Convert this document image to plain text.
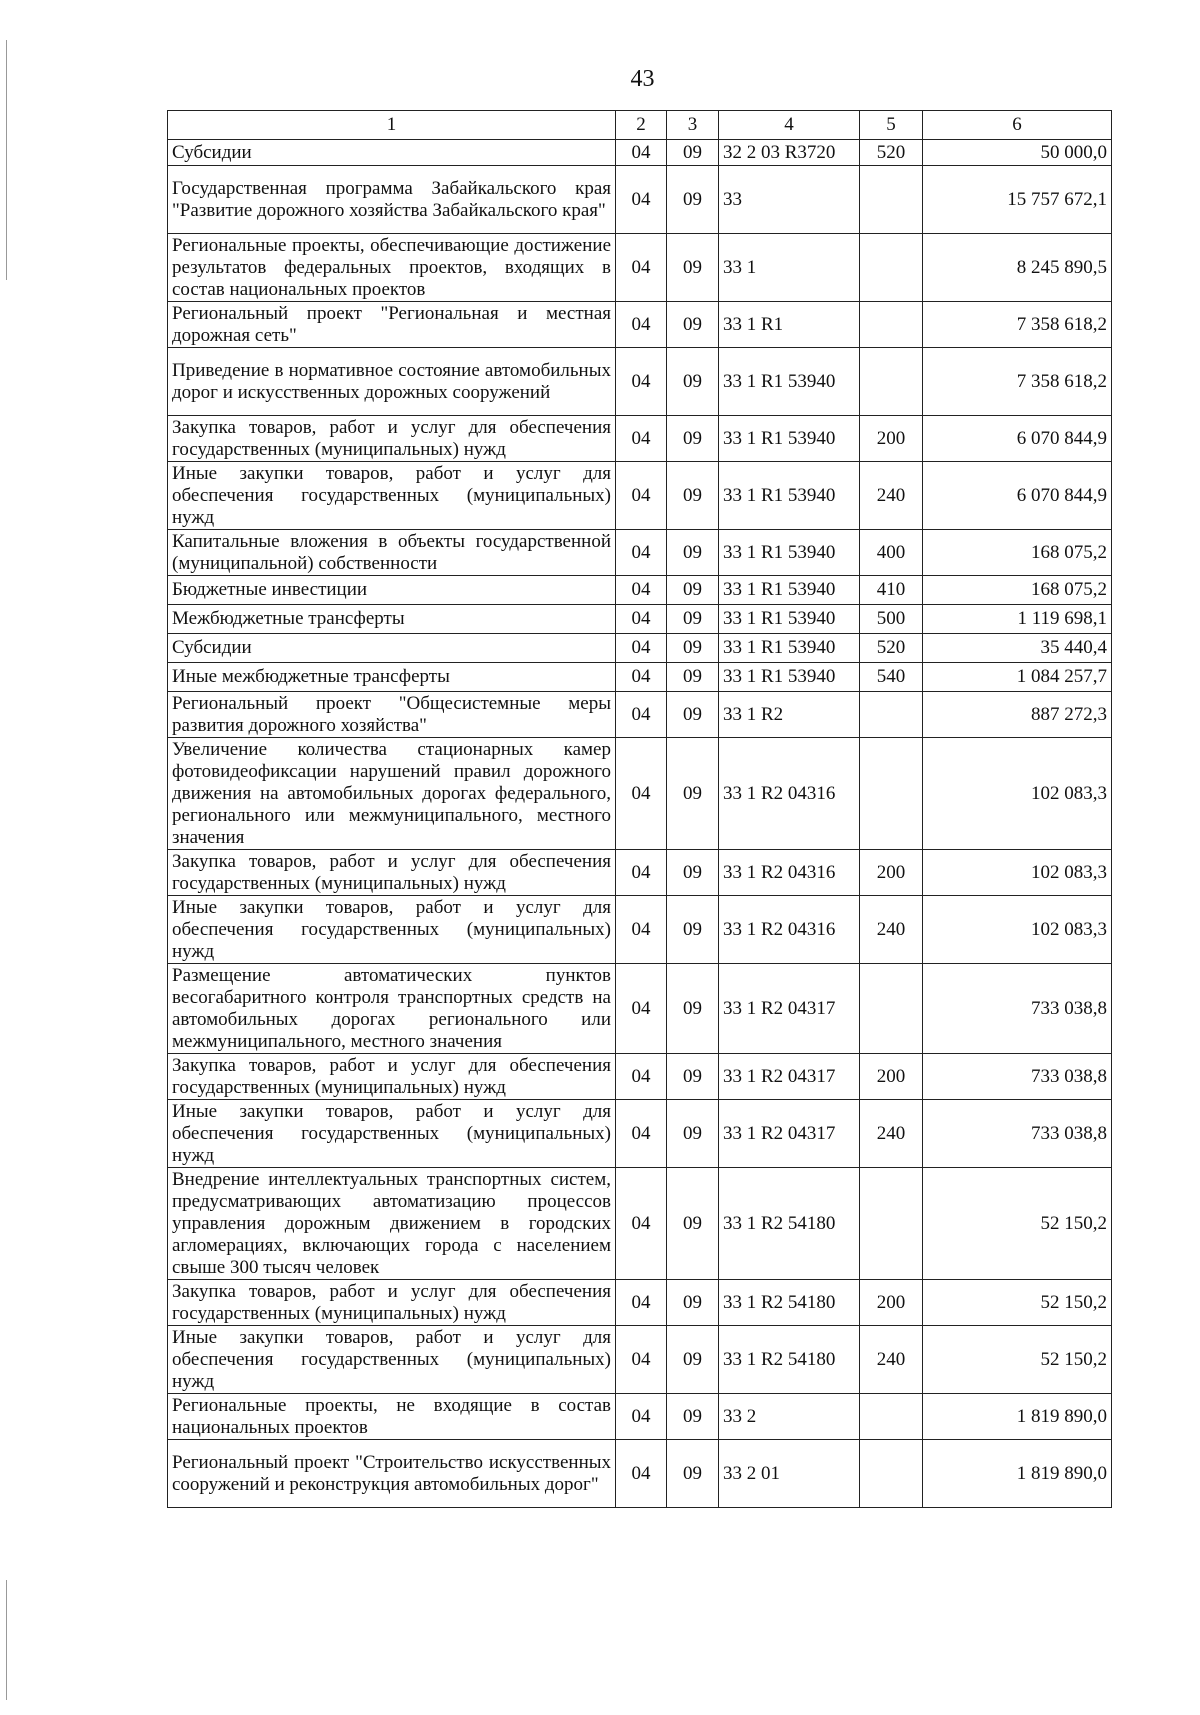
43
1	2	3	4	5	6
Субсидии	04	09	32 2 03 R3720	520	50 000,0
Государственная программа Забайкальского края "Развитие дорожного хозяйства Забайкальского края"	04	09	33		15 757 672,1
Региональные проекты, обеспечивающие достижение результатов федеральных проектов, входящих в состав национальных проектов	04	09	33 1		8 245 890,5
Региональный проект "Региональная и местная дорожная сеть"	04	09	33 1 R1		7 358 618,2
Приведение в нормативное состояние автомобильных дорог и искусственных дорожных сооружений	04	09	33 1 R1 53940		7 358 618,2
Закупка товаров, работ и услуг для обеспечения государственных (муниципальных) нужд	04	09	33 1 R1 53940	200	6 070 844,9
Иные закупки товаров, работ и услуг для обеспечения государственных (муниципальных) нужд	04	09	33 1 R1 53940	240	6 070 844,9
Капитальные вложения в объекты государственной (муниципальной) собственности	04	09	33 1 R1 53940	400	168 075,2
Бюджетные инвестиции	04	09	33 1 R1 53940	410	168 075,2
Межбюджетные трансферты	04	09	33 1 R1 53940	500	1 119 698,1
Субсидии	04	09	33 1 R1 53940	520	35 440,4
Иные межбюджетные трансферты	04	09	33 1 R1 53940	540	1 084 257,7
Региональный проект "Общесистемные меры развития дорожного хозяйства"	04	09	33 1 R2		887 272,3
Увеличение количества стационарных камер фотовидеофиксации нарушений правил дорожного движения на автомобильных дорогах федерального, регионального или межмуниципального, местного значения	04	09	33 1 R2 04316		102 083,3
Закупка товаров, работ и услуг для обеспечения государственных (муниципальных) нужд	04	09	33 1 R2 04316	200	102 083,3
Иные закупки товаров, работ и услуг для обеспечения государственных (муниципальных) нужд	04	09	33 1 R2 04316	240	102 083,3
Размещение автоматических пунктов весогабаритного контроля транспортных средств на автомобильных дорогах регионального или межмуниципального, местного значения	04	09	33 1 R2 04317		733 038,8
Закупка товаров, работ и услуг для обеспечения государственных (муниципальных) нужд	04	09	33 1 R2 04317	200	733 038,8
Иные закупки товаров, работ и услуг для обеспечения государственных (муниципальных) нужд	04	09	33 1 R2 04317	240	733 038,8
Внедрение интеллектуальных транспортных систем, предусматривающих автоматизацию процессов управления дорожным движением в городских агломерациях, включающих города с населением свыше 300 тысяч человек	04	09	33 1 R2 54180		52 150,2
Закупка товаров, работ и услуг для обеспечения государственных (муниципальных) нужд	04	09	33 1 R2 54180	200	52 150,2
Иные закупки товаров, работ и услуг для обеспечения государственных (муниципальных) нужд	04	09	33 1 R2 54180	240	52 150,2
Региональные проекты, не входящие в состав национальных проектов	04	09	33 2		1 819 890,0
Региональный проект "Строительство искусственных сооружений и реконструкция автомобильных дорог"	04	09	33 2 01		1 819 890,0
